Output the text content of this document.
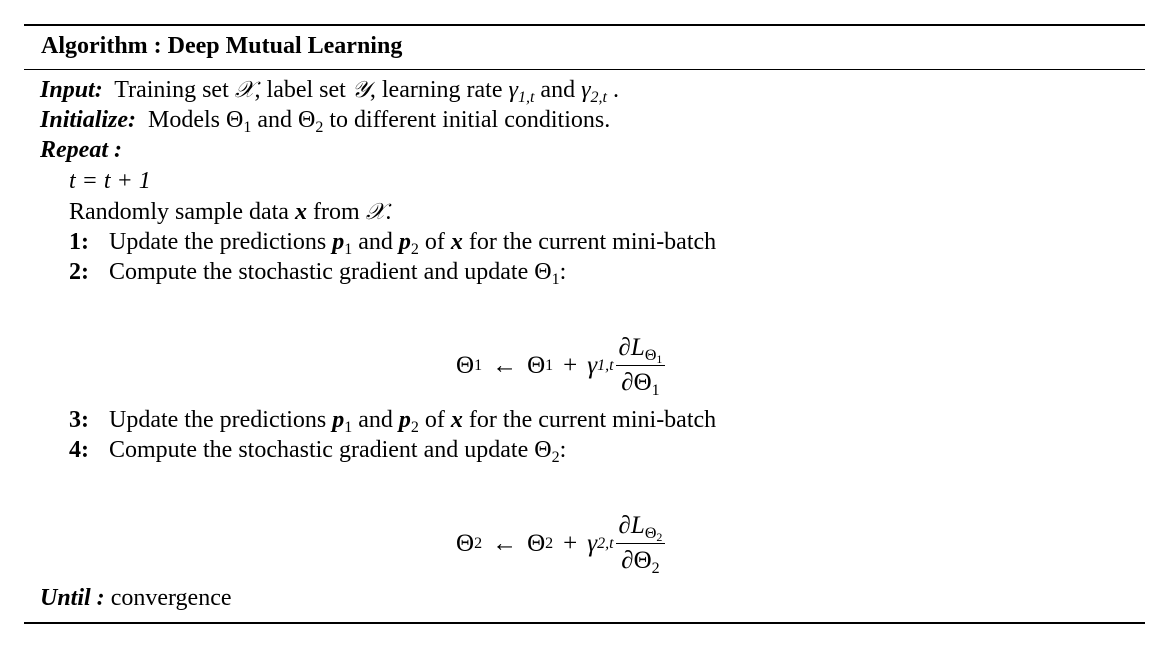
Algorithm : Deep Mutual Learning
Input: Training set 𝒳, label set 𝒴, learning rate $\gamma_{1,t}$ and $\gamma_{2,t}$ .
Initialize: Models $\Theta_1$ and $\Theta_2$ to different initial conditions.
Repeat :
t = t + 1
Randomly sample data x from 𝒳.
1: Update the predictions $p_1$ and $p_2$ of x for the current mini-batch
2: Compute the stochastic gradient and update $\Theta_1$:
Θ 1 ← Θ 1 + γ $1,t \frac{\partial L_{\Theta 1}}{\partial\Theta_1}$
3: Update the predictions $p_1$ and $p_2$ of x for the current mini-batch
4: Compute the stochastic gradient and update $\Theta_2$:
Θ 2 ← Θ 2 + γ $2,t \frac{\partial L_{\Theta 2}}{\partial\Theta_2}$
Until : convergence
